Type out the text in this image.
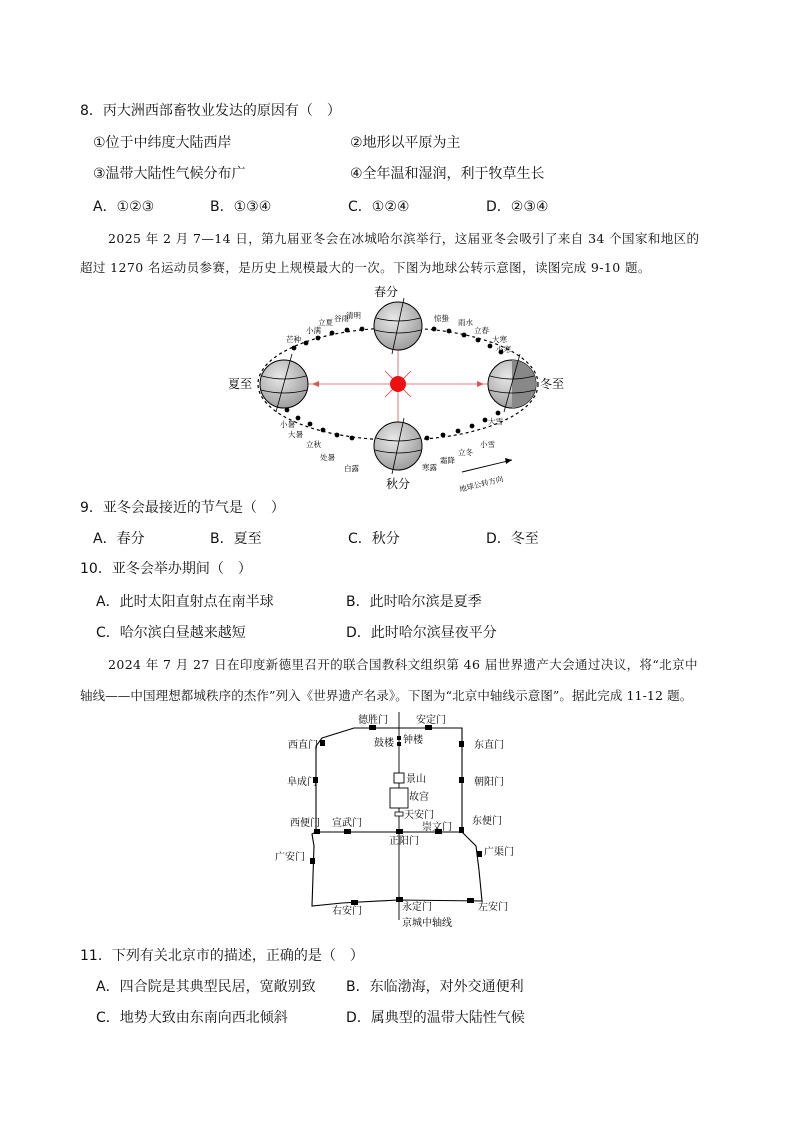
8．丙大洲西部畜牧业发达的原因有（　）
①位于中纬度大陆西岸	②地形以平原为主
③温带大陆性气候分布广	④全年温和湿润，利于牧草生长
A．①②③	B．①③④	C．①②④	D．②③④
2025 年 2 月 7—14 日，第九届亚冬会在冰城哈尔滨举行，这届亚冬会吸引了来自 34 个国家和地区的
超过 1270 名运动员参赛，是历史上规模最大的一次。下图为地球公转示意图，读图完成 9-10 题。
春分
夏至	冬至
秋分
清明
谷雨
立夏
小满
芒种
小暑
大暑
立秋
处暑
白露	寒露
霜降
立冬
小雪
大雪
小寒
大寒
立春
雨水
惊蛰
地球公转方向
9．亚冬会最接近的节气是（　）
A．春分	B．夏至	C．秋分	D．冬至
10．亚冬会举办期间（　）
A．此时太阳直射点在南半球	B．此时哈尔滨是夏季
C．哈尔滨白昼越来越短	D．此时哈尔滨昼夜平分
2024 年 7 月 27 日在印度新德里召开的联合国教科文组织第 46 届世界遗产大会通过决议，将“北京中
轴线——中国理想都城秩序的杰作”列入《世界遗产名录》。下图为“北京中轴线示意图”。据此完成 11-12 题。
德胜门	安定门
西直门	东直门
鼓楼 钟楼
阜成门	朝阳门
景山
故宫
天安门
西便门 宣武门	崇文门
东便门
正阳门
广安门	广渠门
右安门	永定门	左安门
京城中轴线
11．下列有关北京市的描述，正确的是（　）
A．四合院是其典型民居，宽敞别致 B．东临渤海，对外交通便利
C．地势大致由东南向西北倾斜	D．属典型的温带大陆性气候
